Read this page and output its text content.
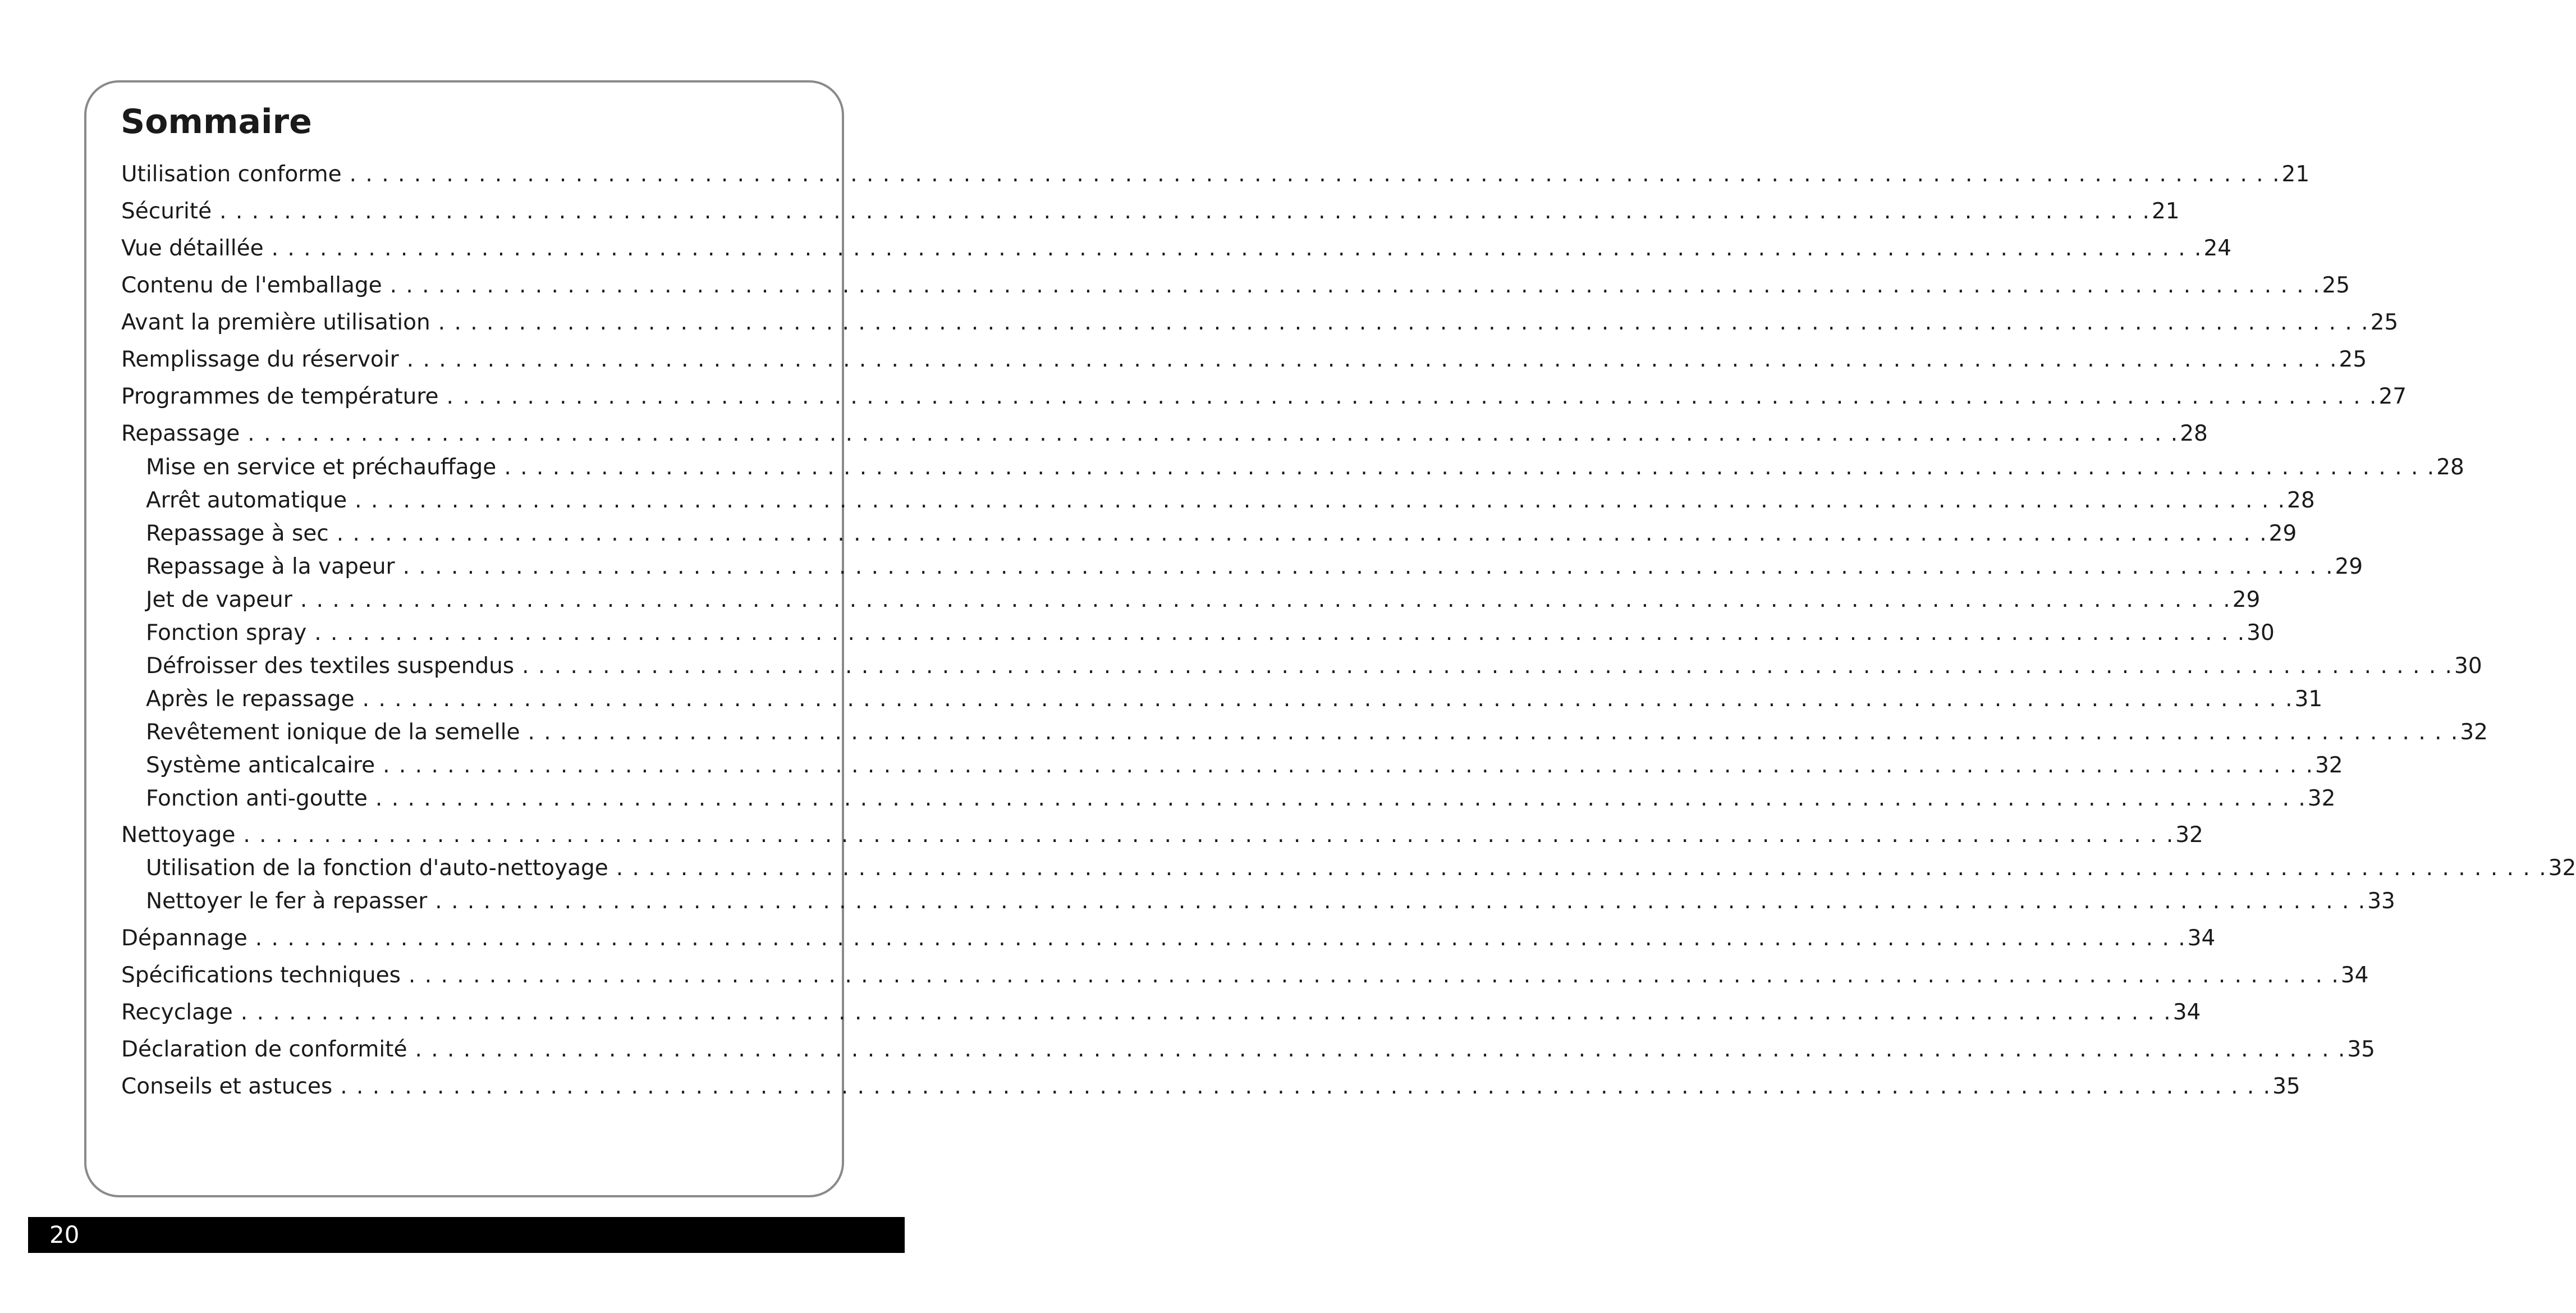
Sommaire
Utilisation conforme . . . . . . . . . . . . . . . . . . . . . . . . . . . . . . . . . . . . . . . . . . . . . . . . . . . . . . . . . . . . . . . . . . . . . . . . . . . . . . . . . . . . . . . . . . . . . . . . . . . . . . . . . . . . . . . . . . . . . . . . 21
Sécurité . . . . . . . . . . . . . . . . . . . . . . . . . . . . . . . . . . . . . . . . . . . . . . . . . . . . . . . . . . . . . . . . . . . . . . . . . . . . . . . . . . . . . . . . . . . . . . . . . . . . . . . . . . . . . . . . . . . . . . . . 21
Vue détaillée . . . . . . . . . . . . . . . . . . . . . . . . . . . . . . . . . . . . . . . . . . . . . . . . . . . . . . . . . . . . . . . . . . . . . . . . . . . . . . . . . . . . . . . . . . . . . . . . . . . . . . . . . . . . . . . . . . . . . . . . 24
Contenu de l'emballage . . . . . . . . . . . . . . . . . . . . . . . . . . . . . . . . . . . . . . . . . . . . . . . . . . . . . . . . . . . . . . . . . . . . . . . . . . . . . . . . . . . . . . . . . . . . . . . . . . . . . . . . . . . . . . . . . . . . . . . . 25
Avant la première utilisation . . . . . . . . . . . . . . . . . . . . . . . . . . . . . . . . . . . . . . . . . . . . . . . . . . . . . . . . . . . . . . . . . . . . . . . . . . . . . . . . . . . . . . . . . . . . . . . . . . . . . . . . . . . . . . . . . . . . . . . . 25
Remplissage du réservoir . . . . . . . . . . . . . . . . . . . . . . . . . . . . . . . . . . . . . . . . . . . . . . . . . . . . . . . . . . . . . . . . . . . . . . . . . . . . . . . . . . . . . . . . . . . . . . . . . . . . . . . . . . . . . . . . . . . . . . . . 25
Programmes de température . . . . . . . . . . . . . . . . . . . . . . . . . . . . . . . . . . . . . . . . . . . . . . . . . . . . . . . . . . . . . . . . . . . . . . . . . . . . . . . . . . . . . . . . . . . . . . . . . . . . . . . . . . . . . . . . . . . . . . . . 27
Repassage . . . . . . . . . . . . . . . . . . . . . . . . . . . . . . . . . . . . . . . . . . . . . . . . . . . . . . . . . . . . . . . . . . . . . . . . . . . . . . . . . . . . . . . . . . . . . . . . . . . . . . . . . . . . . . . . . . . . . . . . 28
Mise en service et préchauffage . . . . . . . . . . . . . . . . . . . . . . . . . . . . . . . . . . . . . . . . . . . . . . . . . . . . . . . . . . . . . . . . . . . . . . . . . . . . . . . . . . . . . . . . . . . . . . . . . . . . . . . . . . . . . . . . . . . . . . . . 28
Arrêt automatique . . . . . . . . . . . . . . . . . . . . . . . . . . . . . . . . . . . . . . . . . . . . . . . . . . . . . . . . . . . . . . . . . . . . . . . . . . . . . . . . . . . . . . . . . . . . . . . . . . . . . . . . . . . . . . . . . . . . . . . . 28
Repassage à sec . . . . . . . . . . . . . . . . . . . . . . . . . . . . . . . . . . . . . . . . . . . . . . . . . . . . . . . . . . . . . . . . . . . . . . . . . . . . . . . . . . . . . . . . . . . . . . . . . . . . . . . . . . . . . . . . . . . . . . . . 29
Repassage à la vapeur . . . . . . . . . . . . . . . . . . . . . . . . . . . . . . . . . . . . . . . . . . . . . . . . . . . . . . . . . . . . . . . . . . . . . . . . . . . . . . . . . . . . . . . . . . . . . . . . . . . . . . . . . . . . . . . . . . . . . . . . 29
Jet de vapeur . . . . . . . . . . . . . . . . . . . . . . . . . . . . . . . . . . . . . . . . . . . . . . . . . . . . . . . . . . . . . . . . . . . . . . . . . . . . . . . . . . . . . . . . . . . . . . . . . . . . . . . . . . . . . . . . . . . . . . . . 29
Fonction spray . . . . . . . . . . . . . . . . . . . . . . . . . . . . . . . . . . . . . . . . . . . . . . . . . . . . . . . . . . . . . . . . . . . . . . . . . . . . . . . . . . . . . . . . . . . . . . . . . . . . . . . . . . . . . . . . . . . . . . . . 30
Défroisser des textiles suspendus . . . . . . . . . . . . . . . . . . . . . . . . . . . . . . . . . . . . . . . . . . . . . . . . . . . . . . . . . . . . . . . . . . . . . . . . . . . . . . . . . . . . . . . . . . . . . . . . . . . . . . . . . . . . . . . . . . . . . . . . 30
Après le repassage . . . . . . . . . . . . . . . . . . . . . . . . . . . . . . . . . . . . . . . . . . . . . . . . . . . . . . . . . . . . . . . . . . . . . . . . . . . . . . . . . . . . . . . . . . . . . . . . . . . . . . . . . . . . . . . . . . . . . . . . 31
Revêtement ionique de la semelle . . . . . . . . . . . . . . . . . . . . . . . . . . . . . . . . . . . . . . . . . . . . . . . . . . . . . . . . . . . . . . . . . . . . . . . . . . . . . . . . . . . . . . . . . . . . . . . . . . . . . . . . . . . . . . . . . . . . . . . . 32
Système anticalcaire . . . . . . . . . . . . . . . . . . . . . . . . . . . . . . . . . . . . . . . . . . . . . . . . . . . . . . . . . . . . . . . . . . . . . . . . . . . . . . . . . . . . . . . . . . . . . . . . . . . . . . . . . . . . . . . . . . . . . . . . 32
Fonction anti-goutte . . . . . . . . . . . . . . . . . . . . . . . . . . . . . . . . . . . . . . . . . . . . . . . . . . . . . . . . . . . . . . . . . . . . . . . . . . . . . . . . . . . . . . . . . . . . . . . . . . . . . . . . . . . . . . . . . . . . . . . . 32
Nettoyage . . . . . . . . . . . . . . . . . . . . . . . . . . . . . . . . . . . . . . . . . . . . . . . . . . . . . . . . . . . . . . . . . . . . . . . . . . . . . . . . . . . . . . . . . . . . . . . . . . . . . . . . . . . . . . . . . . . . . . . . 32
Utilisation de la fonction d'auto-nettoyage . . . . . . . . . . . . . . . . . . . . . . . . . . . . . . . . . . . . . . . . . . . . . . . . . . . . . . . . . . . . . . . . . . . . . . . . . . . . . . . . . . . . . . . . . . . . . . . . . . . . . . . . . . . . . . . . . . . . . . . . 32
Nettoyer le fer à repasser . . . . . . . . . . . . . . . . . . . . . . . . . . . . . . . . . . . . . . . . . . . . . . . . . . . . . . . . . . . . . . . . . . . . . . . . . . . . . . . . . . . . . . . . . . . . . . . . . . . . . . . . . . . . . . . . . . . . . . . . 33
Dépannage . . . . . . . . . . . . . . . . . . . . . . . . . . . . . . . . . . . . . . . . . . . . . . . . . . . . . . . . . . . . . . . . . . . . . . . . . . . . . . . . . . . . . . . . . . . . . . . . . . . . . . . . . . . . . . . . . . . . . . . . 34
Spécifications techniques . . . . . . . . . . . . . . . . . . . . . . . . . . . . . . . . . . . . . . . . . . . . . . . . . . . . . . . . . . . . . . . . . . . . . . . . . . . . . . . . . . . . . . . . . . . . . . . . . . . . . . . . . . . . . . . . . . . . . . . . 34
Recyclage . . . . . . . . . . . . . . . . . . . . . . . . . . . . . . . . . . . . . . . . . . . . . . . . . . . . . . . . . . . . . . . . . . . . . . . . . . . . . . . . . . . . . . . . . . . . . . . . . . . . . . . . . . . . . . . . . . . . . . . . 34
Déclaration de conformité . . . . . . . . . . . . . . . . . . . . . . . . . . . . . . . . . . . . . . . . . . . . . . . . . . . . . . . . . . . . . . . . . . . . . . . . . . . . . . . . . . . . . . . . . . . . . . . . . . . . . . . . . . . . . . . . . . . . . . . . 35
Conseils et astuces . . . . . . . . . . . . . . . . . . . . . . . . . . . . . . . . . . . . . . . . . . . . . . . . . . . . . . . . . . . . . . . . . . . . . . . . . . . . . . . . . . . . . . . . . . . . . . . . . . . . . . . . . . . . . . . . . . . . . . . . 35
20
